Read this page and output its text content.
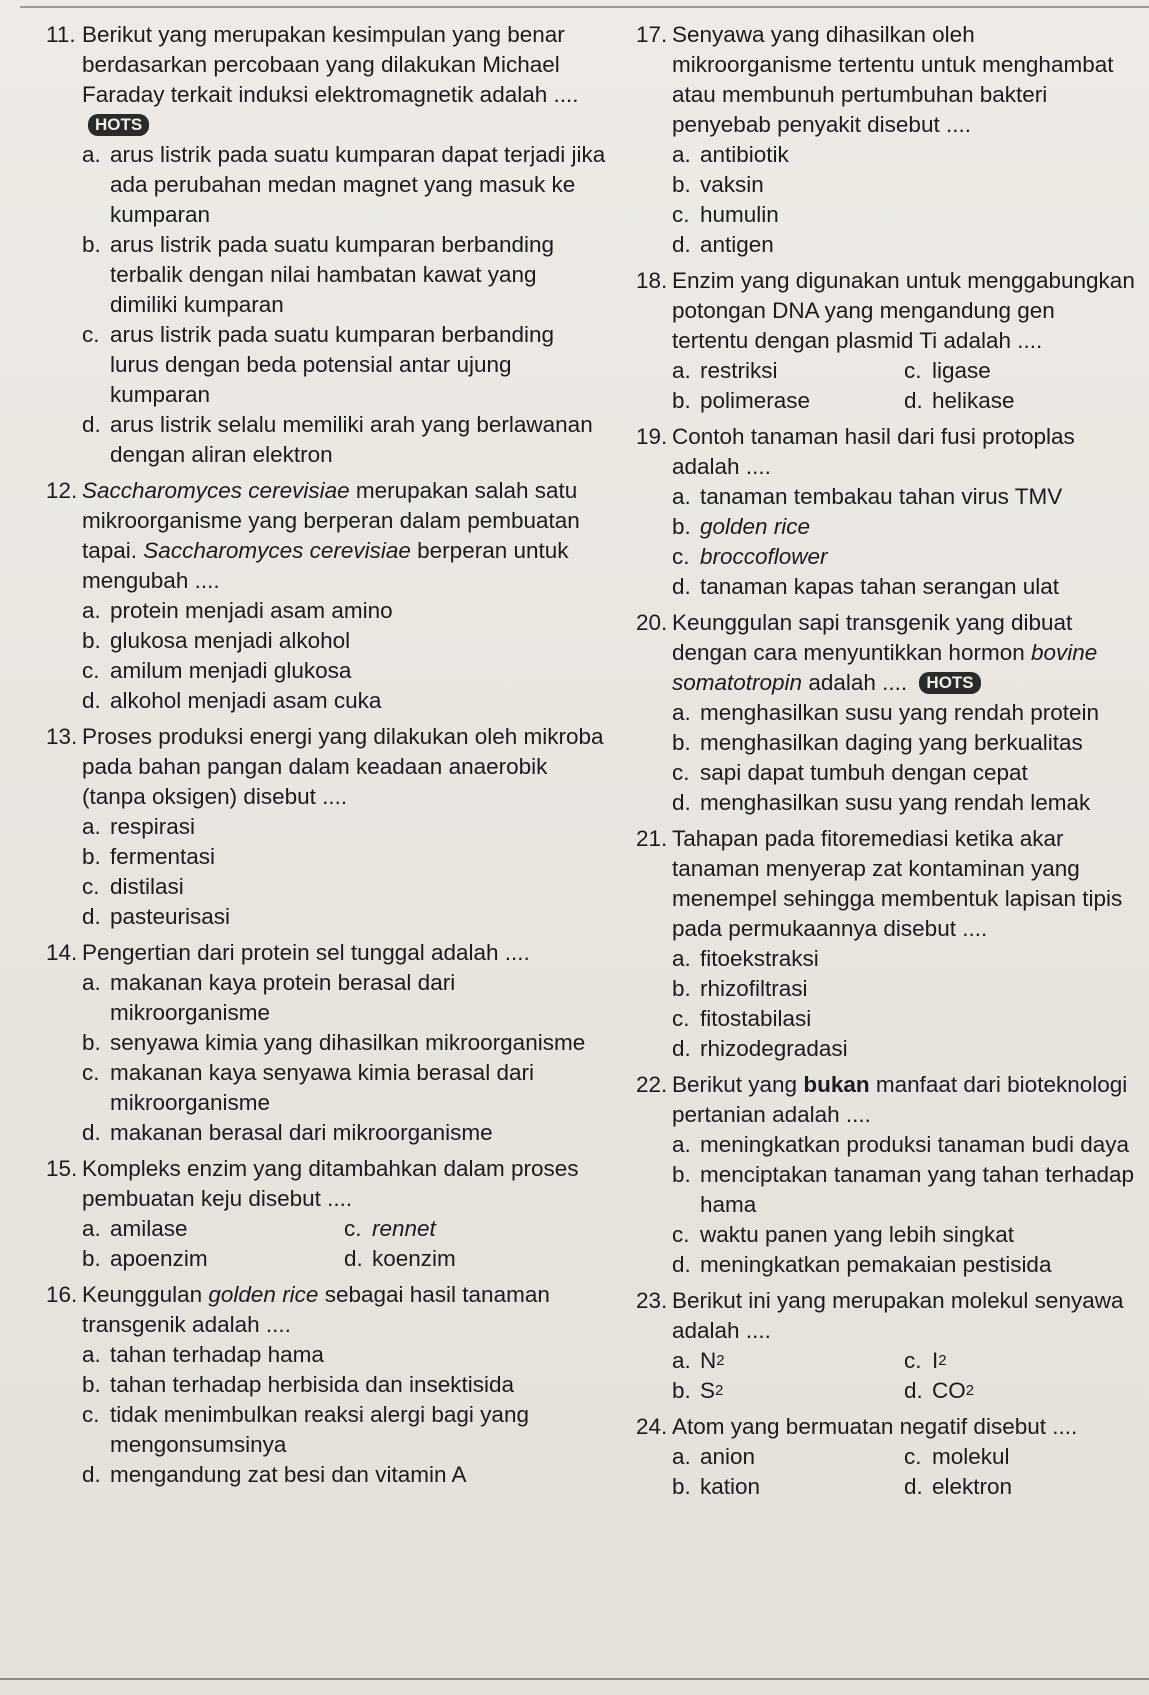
11. Berikut yang merupakan kesimpulan yang benar berdasarkan percobaan yang dilakukan Michael Faraday terkait induksi elektromagnetik adalah .... HOTS
a. arus listrik pada suatu kumparan dapat terjadi jika ada perubahan medan magnet yang masuk ke kumparan
b. arus listrik pada suatu kumparan berbanding terbalik dengan nilai hambatan kawat yang dimiliki kumparan
c. arus listrik pada suatu kumparan berbanding lurus dengan beda potensial antar ujung kumparan
d. arus listrik selalu memiliki arah yang berlawanan dengan aliran elektron
12. Saccharomyces cerevisiae merupakan salah satu mikroorganisme yang berperan dalam pembuatan tapai. Saccharomyces cerevisiae berperan untuk mengubah ....
a. protein menjadi asam amino
b. glukosa menjadi alkohol
c. amilum menjadi glukosa
d. alkohol menjadi asam cuka
13. Proses produksi energi yang dilakukan oleh mikroba pada bahan pangan dalam keadaan anaerobik (tanpa oksigen) disebut ....
a. respirasi
b. fermentasi
c. distilasi
d. pasteurisasi
14. Pengertian dari protein sel tunggal adalah ....
a. makanan kaya protein berasal dari mikroorganisme
b. senyawa kimia yang dihasilkan mikroorganisme
c. makanan kaya senyawa kimia berasal dari mikroorganisme
d. makanan berasal dari mikroorganisme
15. Kompleks enzim yang ditambahkan dalam proses pembuatan keju disebut ....
a. amilase	c. rennet
b. apoenzim	d. koenzim
16. Keunggulan golden rice sebagai hasil tanaman transgenik adalah ....
a. tahan terhadap hama
b. tahan terhadap herbisida dan insektisida
c. tidak menimbulkan reaksi alergi bagi yang mengonsumsinya
d. mengandung zat besi dan vitamin A
17. Senyawa yang dihasilkan oleh mikroorganisme tertentu untuk menghambat atau membunuh pertumbuhan bakteri penyebab penyakit disebut ....
a. antibiotik
b. vaksin
c. humulin
d. antigen
18. Enzim yang digunakan untuk menggabungkan potongan DNA yang mengandung gen tertentu dengan plasmid Ti adalah ....
a. restriksi	c. ligase
b. polimerase	d. helikase
19. Contoh tanaman hasil dari fusi protoplas adalah ....
a. tanaman tembakau tahan virus TMV
b. golden rice
c. broccoflower
d. tanaman kapas tahan serangan ulat
20. Keunggulan sapi transgenik yang dibuat dengan cara menyuntikkan hormon bovine somatotropin adalah .... HOTS
a. menghasilkan susu yang rendah protein
b. menghasilkan daging yang berkualitas
c. sapi dapat tumbuh dengan cepat
d. menghasilkan susu yang rendah lemak
21. Tahapan pada fitoremediasi ketika akar tanaman menyerap zat kontaminan yang menempel sehingga membentuk lapisan tipis pada permukaannya disebut ....
a. fitoekstraksi
b. rhizofiltrasi
c. fitostabilasi
d. rhizodegradasi
22. Berikut yang bukan manfaat dari bioteknologi pertanian adalah ....
a. meningkatkan produksi tanaman budi daya
b. menciptakan tanaman yang tahan terhadap hama
c. waktu panen yang lebih singkat
d. meningkatkan pemakaian pestisida
23. Berikut ini yang merupakan molekul senyawa adalah ....
a. N 2	c. I 2
b. S 2	d. CO 2
24. Atom yang bermuatan negatif disebut ....
a. anion	c. molekul
b. kation	d. elektron
